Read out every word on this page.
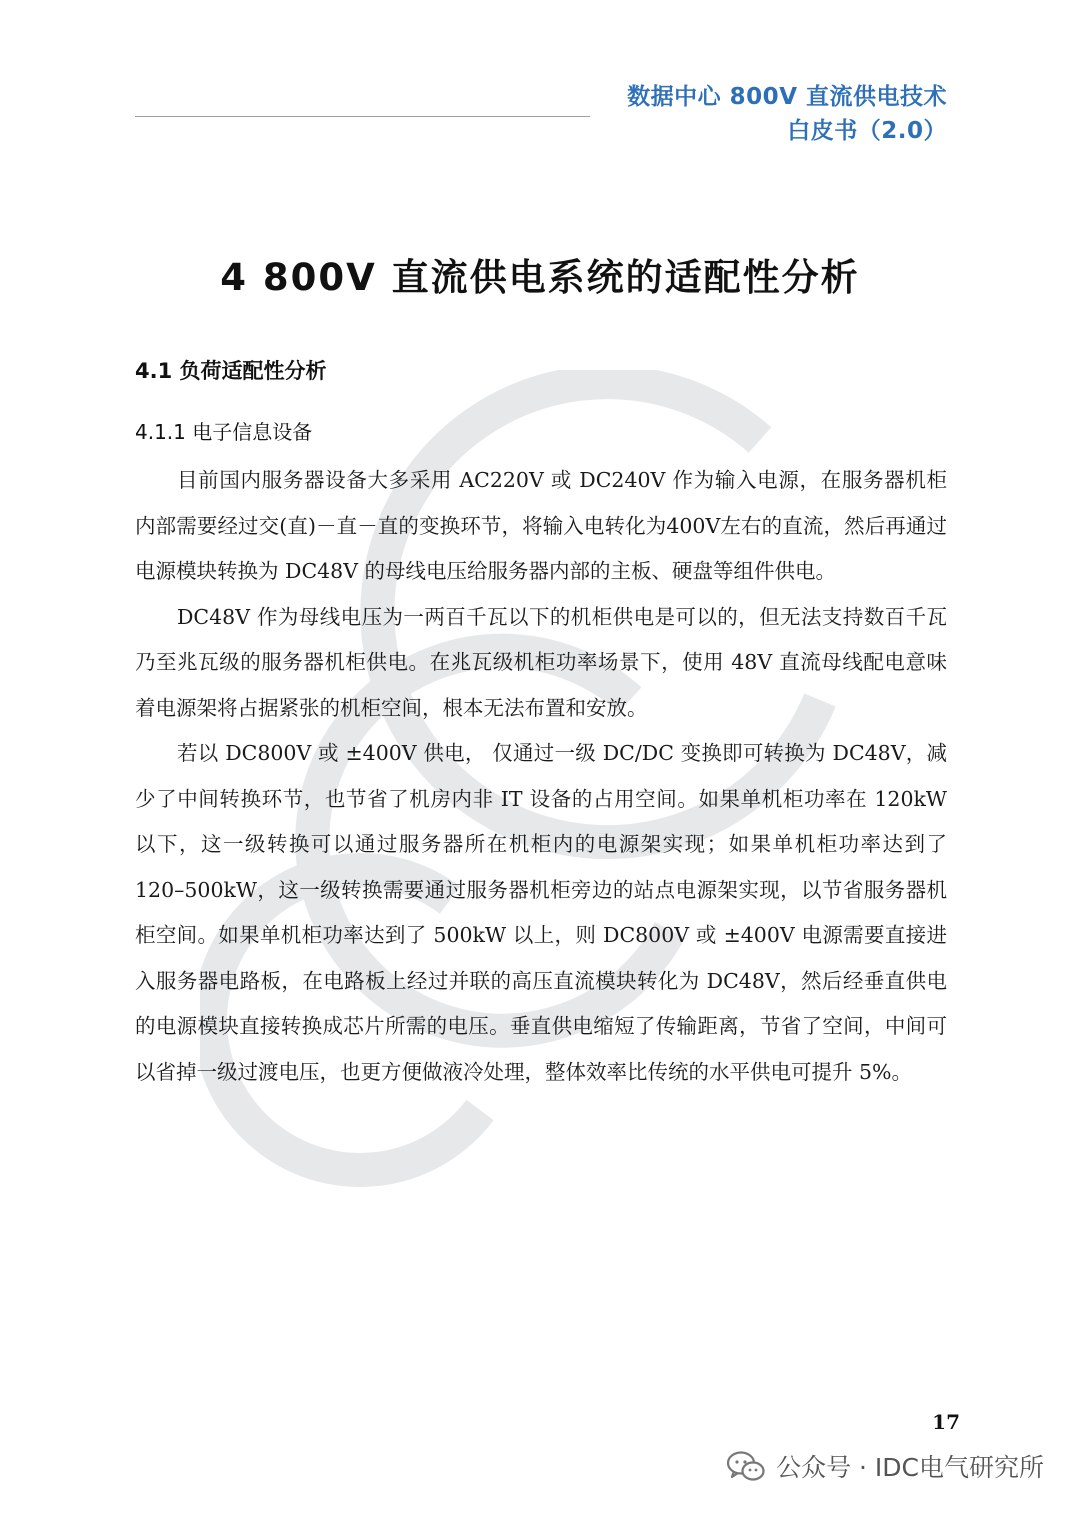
数据中心 800V 直流供电技术
白皮书（2.0）
4 800V 直流供电系统的适配性分析
4.1 负荷适配性分析
4.1.1 电子信息设备

目前国内服务器设备大多采用 AC220V 或 DC240V 作为输入电源，在服务器机柜内部需要经过交(直)－直－直的变换环节，将输入电转化为400V左右的直流，然后再通过电源模块转换为 DC48V 的母线电压给服务器内部的主板、硬盘等组件供电。

DC48V 作为母线电压为一两百千瓦以下的机柜供电是可以的，但无法支持数百千瓦乃至兆瓦级的服务器机柜供电。在兆瓦级机柜功率场景下，使用 48V 直流母线配电意味着电源架将占据紧张的机柜空间，根本无法布置和安放。

若以 DC800V 或 ±400V 供电， 仅通过一级 DC/DC 变换即可转换为 DC48V，减少了中间转换环节，也节省了机房内非 IT 设备的占用空间。如果单机柜功率在 120kW 以下，这一级转换可以通过服务器所在机柜内的电源架实现；如果单机柜功率达到了 120–500kW，这一级转换需要通过服务器机柜旁边的站点电源架实现，以节省服务器机柜空间。如果单机柜功率达到了 500kW 以上，则 DC800V 或 ±400V 电源需要直接进入服务器电路板，在电路板上经过并联的高压直流模块转化为 DC48V，然后经垂直供电的电源模块直接转换成芯片所需的电压。垂直供电缩短了传输距离，节省了空间，中间可以省掉一级过渡电压，也更方便做液冷处理，整体效率比传统的水平供电可提升 5%。

17
公众号 · IDC电气研究所
